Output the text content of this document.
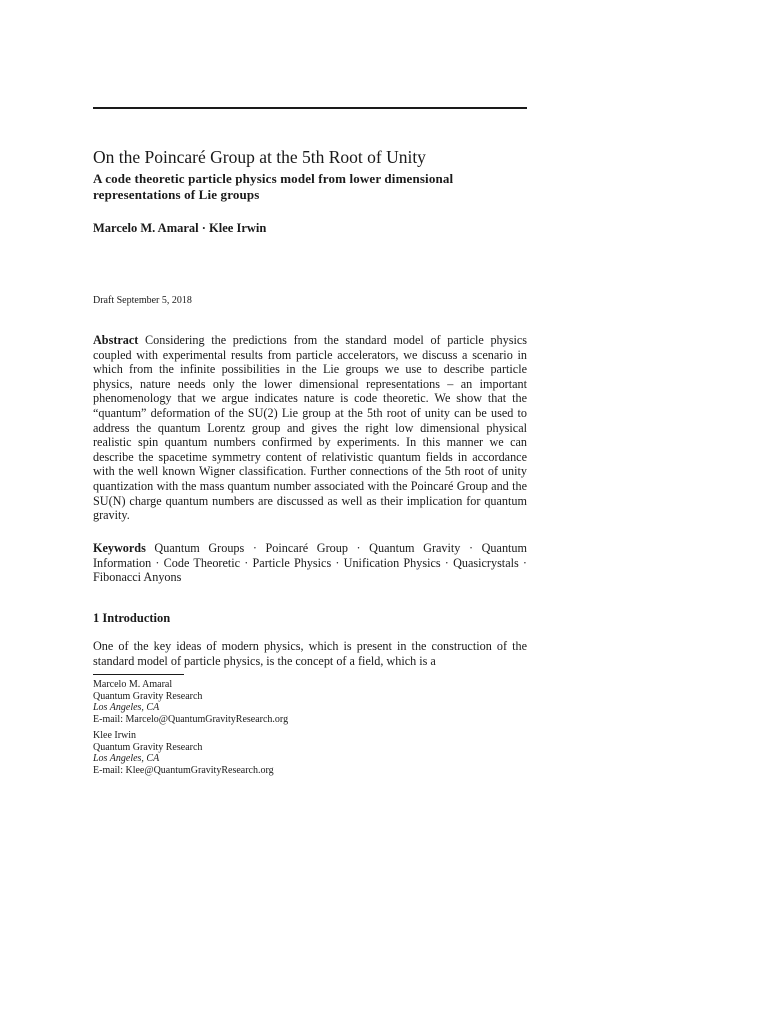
On the Poincaré Group at the 5th Root of Unity
A code theoretic particle physics model from lower dimensional representations of Lie groups
Marcelo M. Amaral · Klee Irwin
Draft September 5, 2018
Abstract Considering the predictions from the standard model of particle physics coupled with experimental results from particle accelerators, we discuss a scenario in which from the infinite possibilities in the Lie groups we use to describe particle physics, nature needs only the lower dimensional representations – an important phenomenology that we argue indicates nature is code theoretic. We show that the “quantum” deformation of the SU(2) Lie group at the 5th root of unity can be used to address the quantum Lorentz group and gives the right low dimensional physical realistic spin quantum numbers confirmed by experiments. In this manner we can describe the spacetime symmetry content of relativistic quantum fields in accordance with the well known Wigner classification. Further connections of the 5th root of unity quantization with the mass quantum number associated with the Poincaré Group and the SU(N) charge quantum numbers are discussed as well as their implication for quantum gravity.
Keywords Quantum Groups · Poincaré Group · Quantum Gravity · Quantum Information · Code Theoretic · Particle Physics · Unification Physics · Quasicrystals · Fibonacci Anyons
1 Introduction
One of the key ideas of modern physics, which is present in the construction of the standard model of particle physics, is the concept of a field, which is a
Marcelo M. Amaral
Quantum Gravity Research
Los Angeles, CA
E-mail: Marcelo@QuantumGravityResearch.org
Klee Irwin
Quantum Gravity Research
Los Angeles, CA
E-mail: Klee@QuantumGravityResearch.org
